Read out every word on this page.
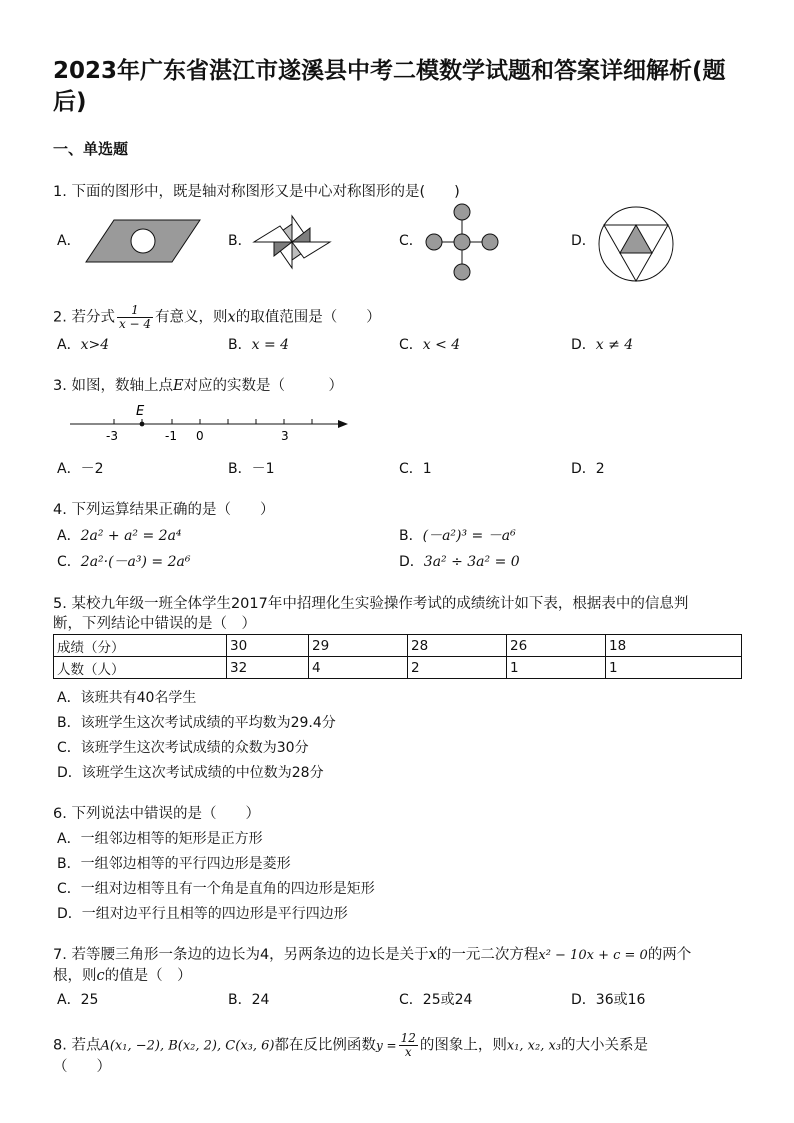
2023年广东省湛江市遂溪县中考二模数学试题和答案详细解析(题后)
一、单选题
1. 下面的图形中，既是轴对称图形又是中心对称图形的是(　　)
A．	B．	C．	D．
2. 若分式 $\frac{1}{x - 4}$ 有意义，则x的取值范围是（　　）
A．x>4	B．x = 4	C．x < 4	D．x ≠ 4
3. 如图，数轴上点E对应的实数是（　　　）
E
-3	-1 0	3
A．－2	B．－1	C．1	D．2
4. 下列运算结果正确的是（　　）
A．2a² + a² = 2a⁴	B．(－a²)³ = －a⁶
C．2a²·(－a³) = 2a⁶	D．3a² ÷ 3a² = 0
5. 某校九年级一班全体学生2017年中招理化生实验操作考试的成绩统计如下表，根据表中的信息判
断，下列结论中错误的是（　）
成绩（分）	30	29	28	26	18
人数（人）	32	4	2	1	1
A．该班共有40名学生
B．该班学生这次考试成绩的平均数为29.4分
C．该班学生这次考试成绩的众数为30分
D．该班学生这次考试成绩的中位数为28分
6. 下列说法中错误的是（　　）
A．一组邻边相等的矩形是正方形
B．一组邻边相等的平行四边形是菱形
C．一组对边相等且有一个角是直角的四边形是矩形
D．一组对边平行且相等的四边形是平行四边形
7. 若等腰三角形一条边的边长为4，另两条边的边长是关于x的一元二次方程x² − 10x + c = 0的两个
根，则c的值是（　）
A．25	B．24	C．25或24	D．36或16
8. 若点A(x₁, −2), B(x₂, 2), C(x₃, 6)都在反比例函数$y = \frac{12}{x}$ 的图象上，则x₁, x₂, x₃的大小关系是
（　　）
